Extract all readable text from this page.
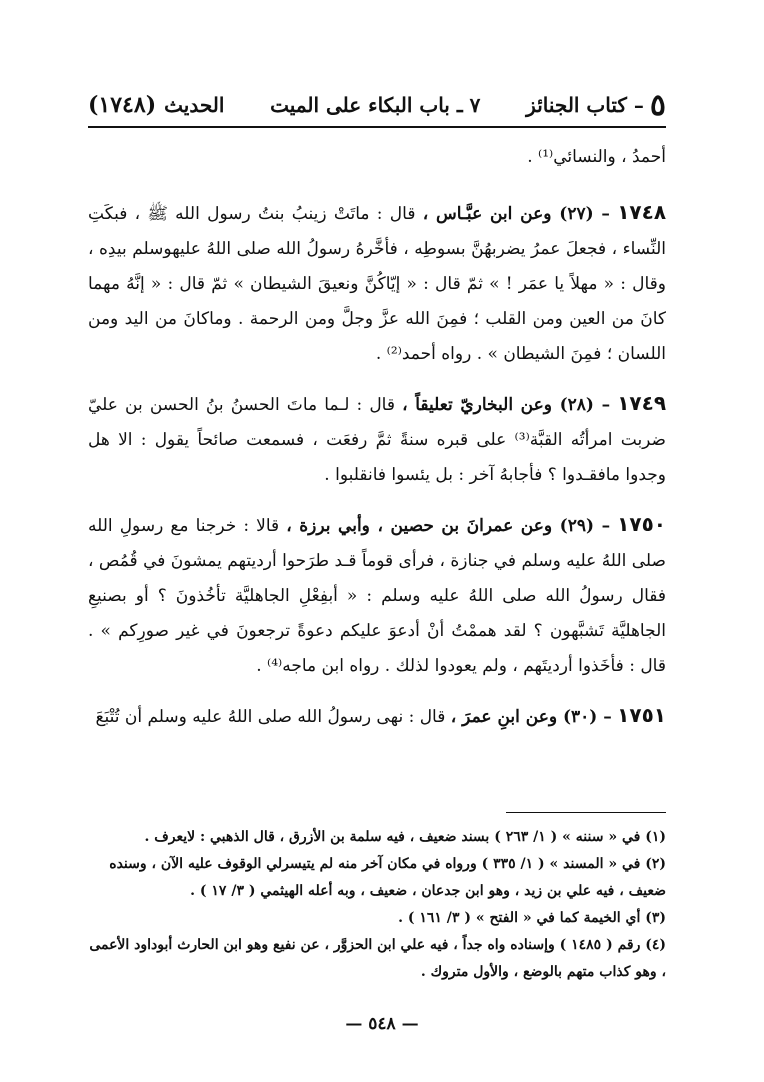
٥
– كتاب الجنائز
٧ ـ باب البكاء على الميت
الحديث
(١٧٤٨)

أحمدُ ، والنسائي⁽¹⁾ .

١٧٤٨ – (٢٧) وعن ابن عبَّـاس ، قال : ماتَتْ زينبُ بنتُ رسول الله ﷺ ، فبكَتِ النِّساء ، فجعلَ عمرُ يضربهُنَّ بسوطِه ، فأخَّرهُ رسولُ الله صلى اللهُ عليهوسلم بيدِه ، وقال : « مهلاً يا عمَر ! » ثمّ قال : « إيّاكُنَّ ونعيقَ الشيطان » ثمّ قال : « إنَّهُ مهما كانَ من العين ومن القلب ؛ فمِنَ الله عزَّ وجلَّ ومن الرحمة . وماكانَ من اليد ومن اللسان ؛ فمِنَ الشيطان » . رواه أحمد⁽²⁾ .

١٧٤٩ – (٢٨) وعن البخاريّ تعليقاً ، قال : لـما ماتَ الحسنُ بنُ الحسن بن عليّ ضربت امرأتُه القبَّة⁽³⁾ على قبره سنةً ثمَّ رفعَت ، فسمعت صائحاً يقول : الا هل وجدوا مافقـدوا ؟ فأجابهُ آخر : بل يئسوا فانقلبوا .

١٧٥٠ – (٢٩) وعن عمرانَ بن حصين ، وأبي برزة ، قالا : خرجنا مع رسولِ الله صلى اللهُ عليه وسلم في جنازة ، فرأى قوماً قـد طرَحوا أرديتهم يمشونَ في قُمُص ، فقال رسولُ الله صلى اللهُ عليه وسلم : « أبفِعْلِ الجاهليَّة تأخُذونَ ؟ أو بصنيعِ الجاهليَّة تَشبَّهون ؟ لقد هممْتُ أنْ أدعوَ عليكم دعوةً ترجعونَ في غير صورِكم » . قال : فأخَذوا أرديتَهم ، ولم يعودوا لذلك . رواه ابن ماجه⁽⁴⁾ .

١٧٥١ – (٣٠) وعن ابنِ عمرَ ، قال : نهى رسولُ الله صلى اللهُ عليه وسلم أن تُتْبَعَ

(١) في « سننه » ( ١/ ٢٦٣ ) بسند ضعيف ، فيه سلمة بن الأزرق ، قال الذهبي : لايعرف .

(٢) في « المسند » ( ١/ ٣٣٥ ) ورواه في مكان آخر منه لم يتيسرلي الوقوف عليه الآن ، وسنده ضعيف ، فيه علي بن زيد ، وهو ابن جدعان ، ضعيف ، وبه أعله الهيثمي ( ٣/ ١٧ ) .

(٣) أي الخيمة كما في « الفتح » ( ٣/ ١٦١ ) .

(٤) رقم ( ١٤٨٥ ) وإسناده واه جداً ، فيه علي ابن الحزوَّر ، عن نفيع وهو ابن الحارث أبوداود الأعمى ، وهو كذاب متهم بالوضع ، والأول متروك .

— ٥٤٨ —
